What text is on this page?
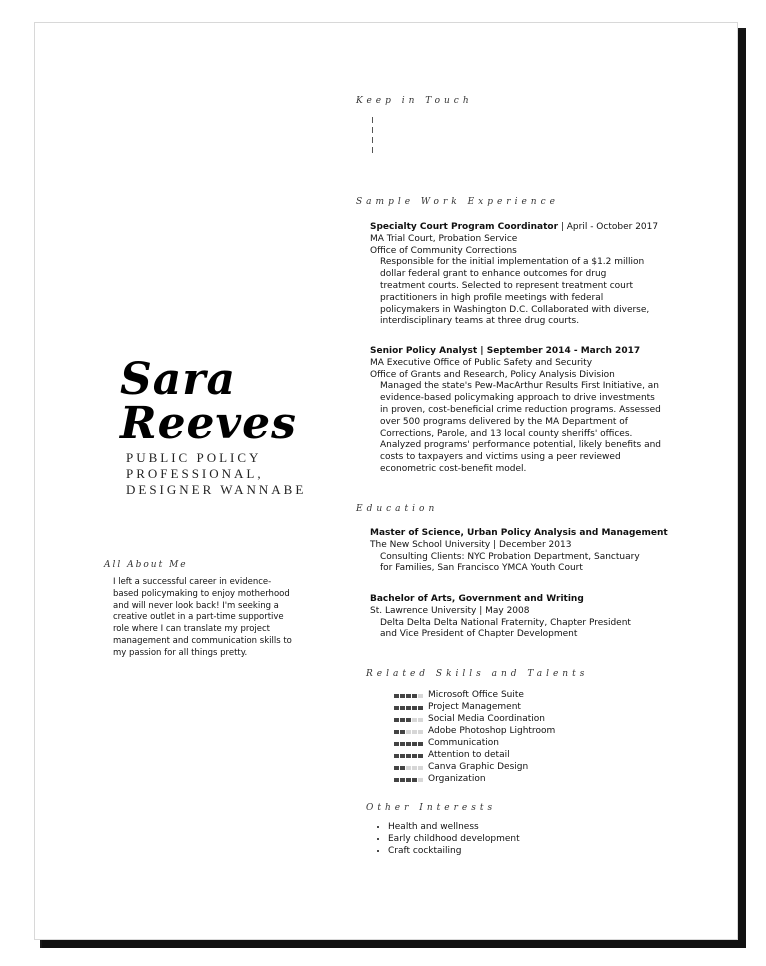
Sara
Reeves
PUBLIC POLICY
PROFESSIONAL,
DESIGNER WANNABE
All About Me
I left a successful career in evidence-based policymaking to enjoy motherhood and will never look back! I'm seeking a creative outlet in a part-time supportive role where I can translate my project management and communication skills to my passion for all things pretty.
Keep in Touch
Sample Work Experience
Specialty Court Program Coordinator | April - October 2017
MA Trial Court, Probation Service
Office of Community Corrections
Responsible for the initial implementation of a $1.2 million dollar federal grant to enhance outcomes for drug treatment courts. Selected to represent treatment court practitioners in high profile meetings with federal policymakers in Washington D.C. Collaborated with diverse, interdisciplinary teams at three drug courts.
Senior Policy Analyst | September 2014 - March 2017
MA Executive Office of Public Safety and Security
Office of Grants and Research, Policy Analysis Division
Managed the state's Pew-MacArthur Results First Initiative, an evidence-based policymaking approach to drive investments in proven, cost-beneficial crime reduction programs. Assessed over 500 programs delivered by the MA Department of Corrections, Parole, and 13 local county sheriffs' offices. Analyzed programs' performance potential, likely benefits and costs to taxpayers and victims using a peer reviewed econometric cost-benefit model.
Education
Master of Science, Urban Policy Analysis and Management
The New School University | December 2013
Consulting Clients: NYC Probation Department, Sanctuary for Families, San Francisco YMCA Youth Court
Bachelor of Arts, Government and Writing
St. Lawrence University | May 2008
Delta Delta Delta National Fraternity, Chapter President and Vice President of Chapter Development
Related Skills and Talents
Microsoft Office Suite
Project Management
Social Media Coordination
Adobe Photoshop Lightroom
Communication
Attention to detail
Canva Graphic Design
Organization
Other Interests
• Health and wellness
• Early childhood development
• Craft cocktailing
